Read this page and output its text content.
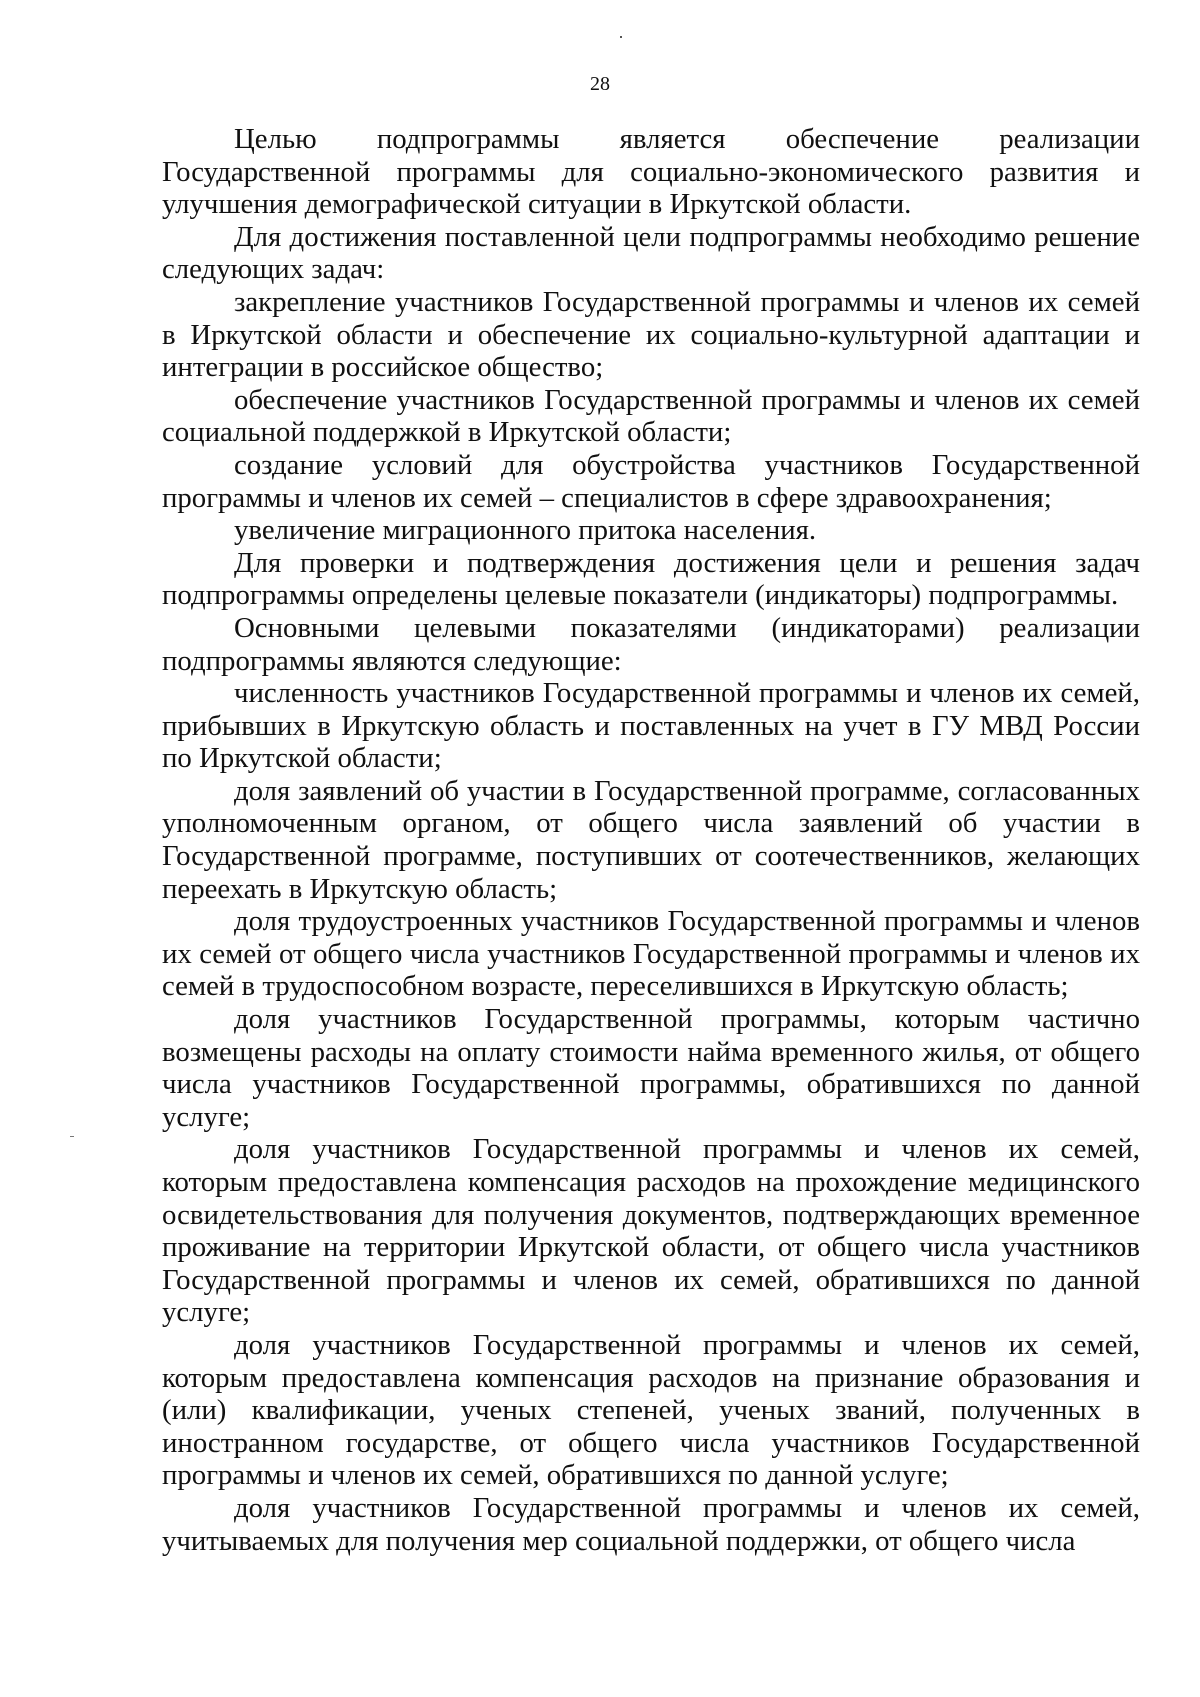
28

Целью подпрограммы является обеспечение реализации Государственной программы для социально-экономического развития и улучшения демографической ситуации в Иркутской области.

Для достижения поставленной цели подпрограммы необходимо решение следующих задач:

закрепление участников Государственной программы и членов их семей в Иркутской области и обеспечение их социально-культурной адаптации и интеграции в российское общество;

обеспечение участников Государственной программы и членов их семей социальной поддержкой в Иркутской области;

создание условий для обустройства участников Государственной программы и членов их семей – специалистов в сфере здравоохранения;

увеличение миграционного притока населения.

Для проверки и подтверждения достижения цели и решения задач подпрограммы определены целевые показатели (индикаторы) подпрограммы.

Основными целевыми показателями (индикаторами) реализации подпрограммы являются следующие:

численность участников Государственной программы и членов их семей, прибывших в Иркутскую область и поставленных на учет в ГУ МВД России по Иркутской области;

доля заявлений об участии в Государственной программе, согласованных уполномоченным органом, от общего числа заявлений об участии в Государственной программе, поступивших от соотечественников, желающих переехать в Иркутскую область;

доля трудоустроенных участников Государственной программы и членов их семей от общего числа участников Государственной программы и членов их семей в трудоспособном возрасте, переселившихся в Иркутскую область;

доля участников Государственной программы, которым частично возмещены расходы на оплату стоимости найма временного жилья, от общего числа участников Государственной программы, обратившихся по данной услуге;

доля участников Государственной программы и членов их семей, которым предоставлена компенсация расходов на прохождение медицинского освидетельствования для получения документов, подтверждающих временное проживание на территории Иркутской области, от общего числа участников Государственной программы и членов их семей, обратившихся по данной услуге;

доля участников Государственной программы и членов их семей, которым предоставлена компенсация расходов на признание образования и (или) квалификации, ученых степеней, ученых званий, полученных в иностранном государстве, от общего числа участников Государственной программы и членов их семей, обратившихся по данной услуге;

доля участников Государственной программы и членов их семей, учитываемых для получения мер социальной поддержки, от общего числа
